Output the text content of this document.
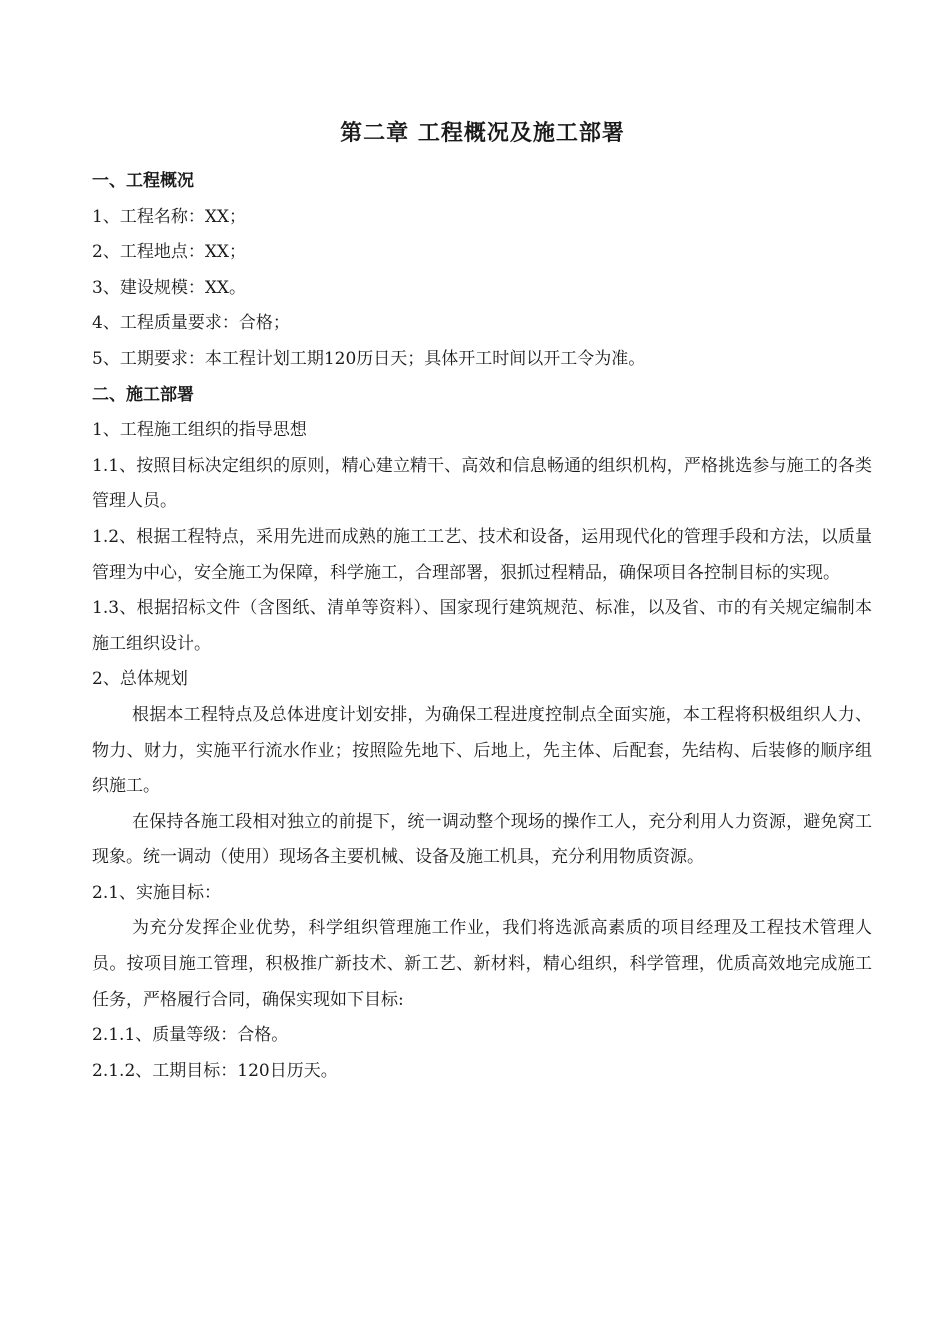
第二章 工程概况及施工部署

一、工程概况

1、工程名称：XX；

2、工程地点：XX；

3、建设规模：XX。

4、工程质量要求：合格；

5、工期要求：本工程计划工期120历日天；具体开工时间以开工令为准。

二、施工部署

1、工程施工组织的指导思想

1.1、按照目标决定组织的原则，精心建立精干、高效和信息畅通的组织机构，严格挑选参与施工的各类管理人员。

1.2、根据工程特点，采用先进而成熟的施工工艺、技术和设备，运用现代化的管理手段和方法，以质量管理为中心，安全施工为保障，科学施工，合理部署，狠抓过程精品，确保项目各控制目标的实现。

1.3、根据招标文件（含图纸、清单等资料）、国家现行建筑规范、标准，以及省、市的有关规定编制本施工组织设计。

2、总体规划

根据本工程特点及总体进度计划安排，为确保工程进度控制点全面实施，本工程将积极组织人力、物力、财力，实施平行流水作业；按照险先地下、后地上，先主体、后配套，先结构、后装修的顺序组织施工。

在保持各施工段相对独立的前提下，统一调动整个现场的操作工人，充分利用人力资源，避免窝工现象。统一调动（使用）现场各主要机械、设备及施工机具，充分利用物质资源。

2.1、实施目标：

为充分发挥企业优势，科学组织管理施工作业，我们将选派高素质的项目经理及工程技术管理人员。按项目施工管理，积极推广新技术、新工艺、新材料，精心组织，科学管理，优质高效地完成施工任务，严格履行合同，确保实现如下目标:

2.1.1、质量等级：合格。

2.1.2、工期目标：120日历天。
